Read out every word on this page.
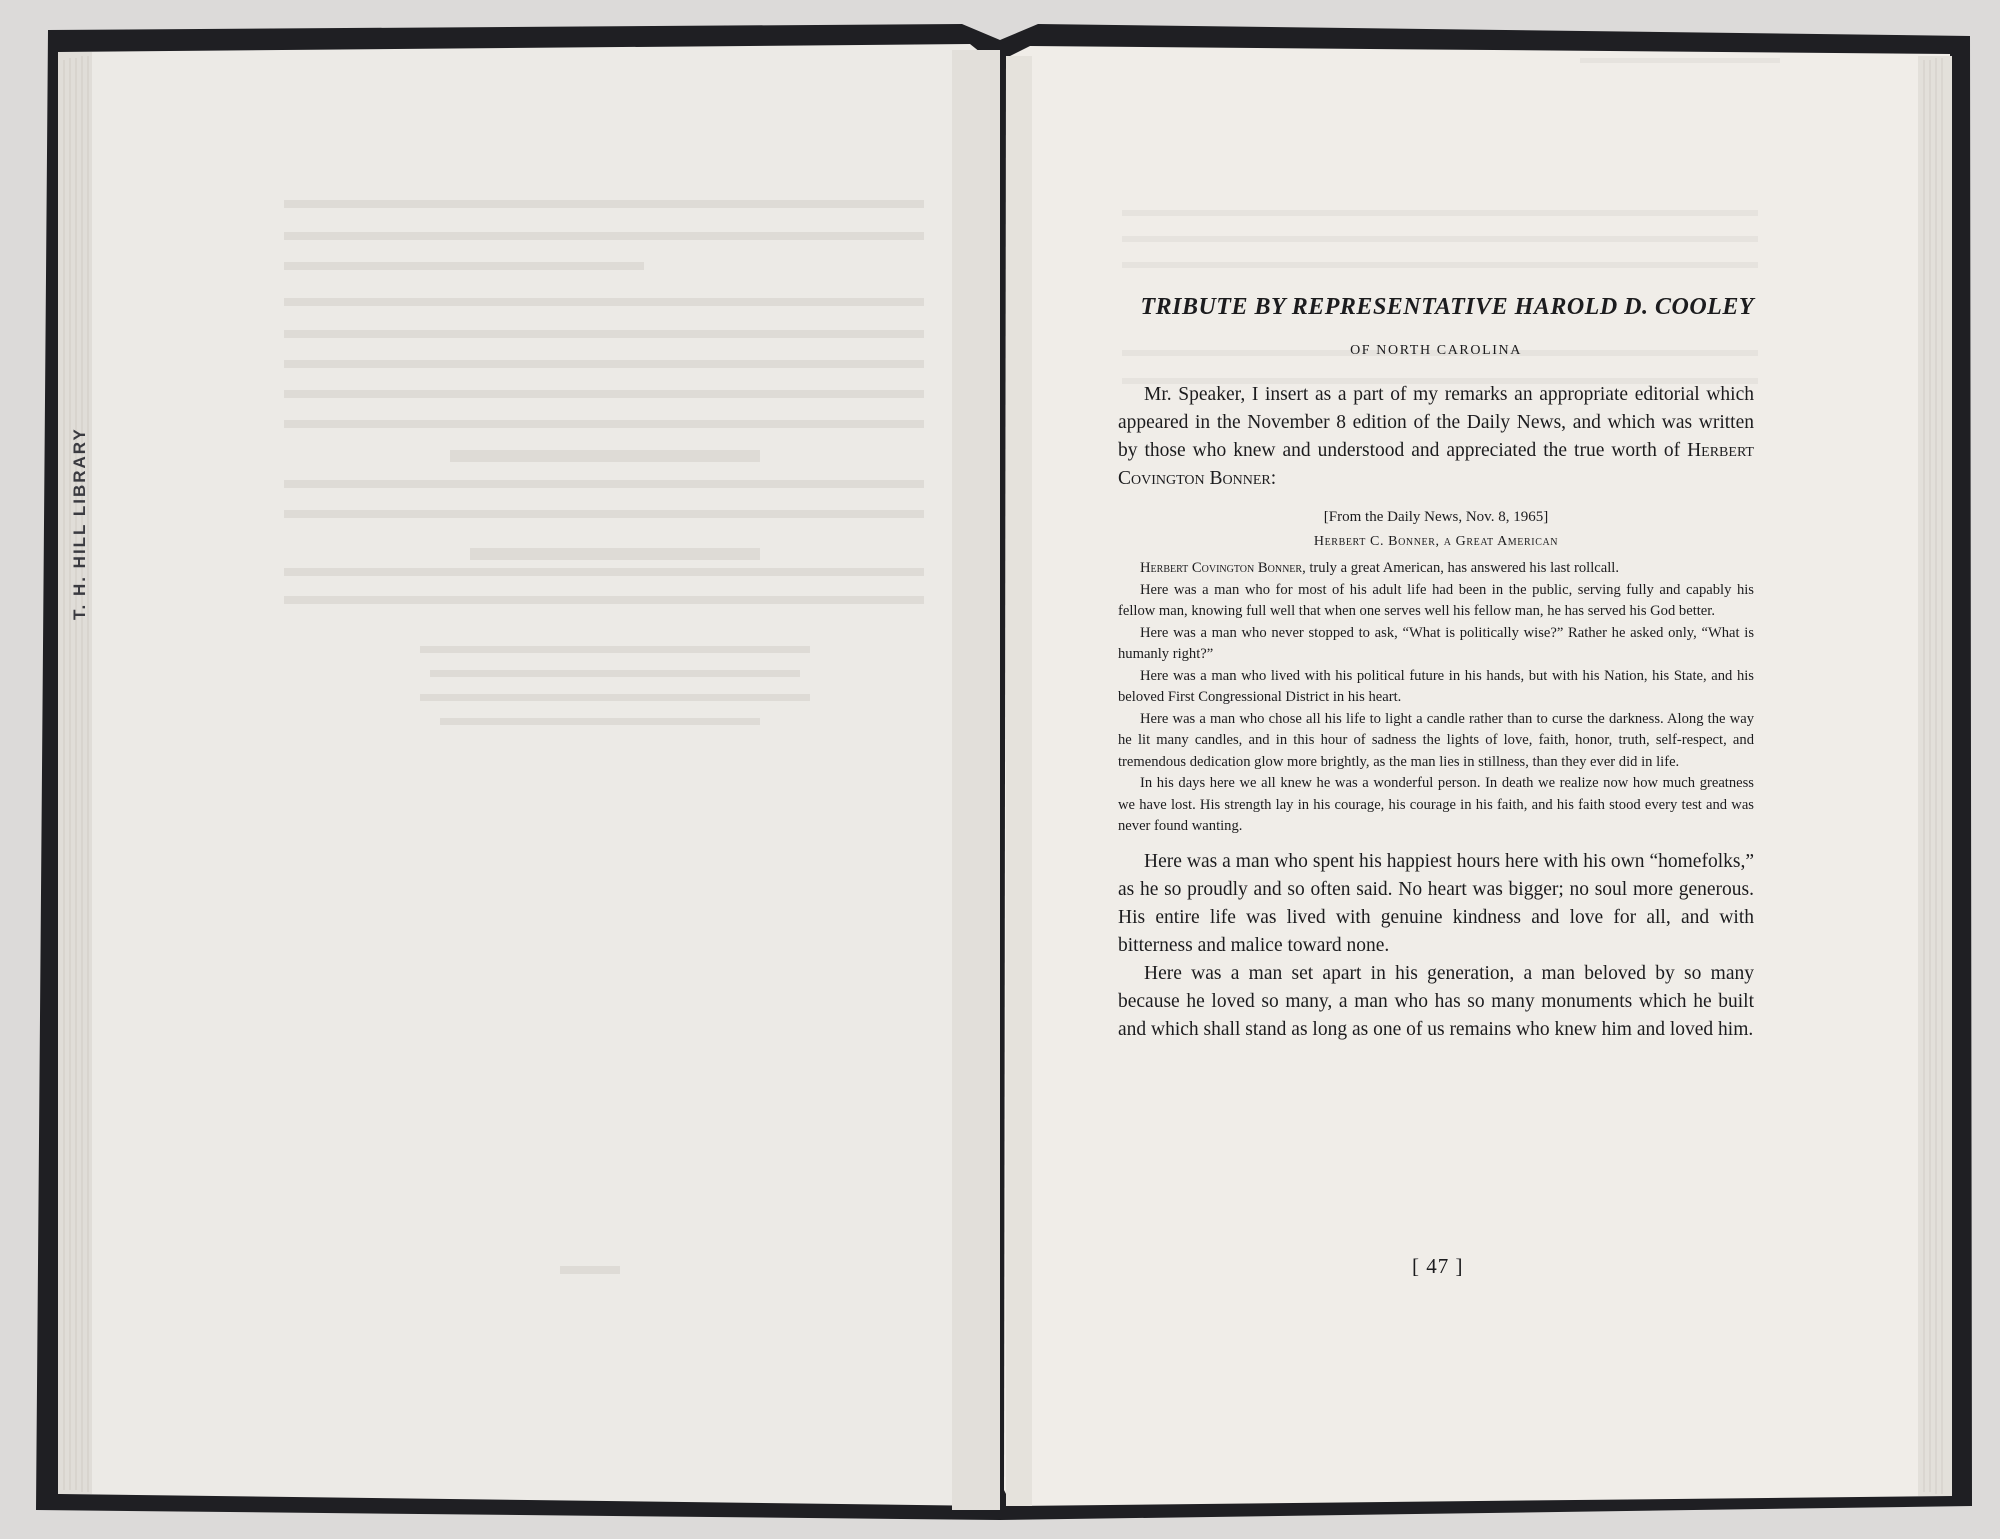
T. H. HILL LIBRARY
TRIBUTE BY REPRESENTATIVE HAROLD D. COOLEY
OF NORTH CAROLINA

Mr. Speaker, I insert as a part of my remarks an appropriate editorial which appeared in the November 8 edition of the Daily News, and which was written by those who knew and understood and appreciated the true worth of Herbert Covington Bonner:

[From the Daily News, Nov. 8, 1965]
Herbert C. Bonner, a Great American

Herbert Covington Bonner, truly a great American, has answered his last rollcall.

Here was a man who for most of his adult life had been in the public, serving fully and capably his fellow man, knowing full well that when one serves well his fellow man, he has served his God better.

Here was a man who never stopped to ask, “What is politically wise?” Rather he asked only, “What is humanly right?”

Here was a man who lived with his political future in his hands, but with his Nation, his State, and his beloved First Congressional District in his heart.

Here was a man who chose all his life to light a candle rather than to curse the darkness. Along the way he lit many candles, and in this hour of sadness the lights of love, faith, honor, truth, self-respect, and tremendous dedication glow more brightly, as the man lies in stillness, than they ever did in life.

In his days here we all knew he was a wonderful person. In death we realize now how much greatness we have lost. His strength lay in his courage, his courage in his faith, and his faith stood every test and was never found wanting.

Here was a man who spent his happiest hours here with his own “homefolks,” as he so proudly and so often said. No heart was bigger; no soul more generous. His entire life was lived with genuine kindness and love for all, and with bitterness and malice toward none.

Here was a man set apart in his generation, a man beloved by so many because he loved so many, a man who has so many monuments which he built and which shall stand as long as one of us remains who knew him and loved him.

[ 47 ]
